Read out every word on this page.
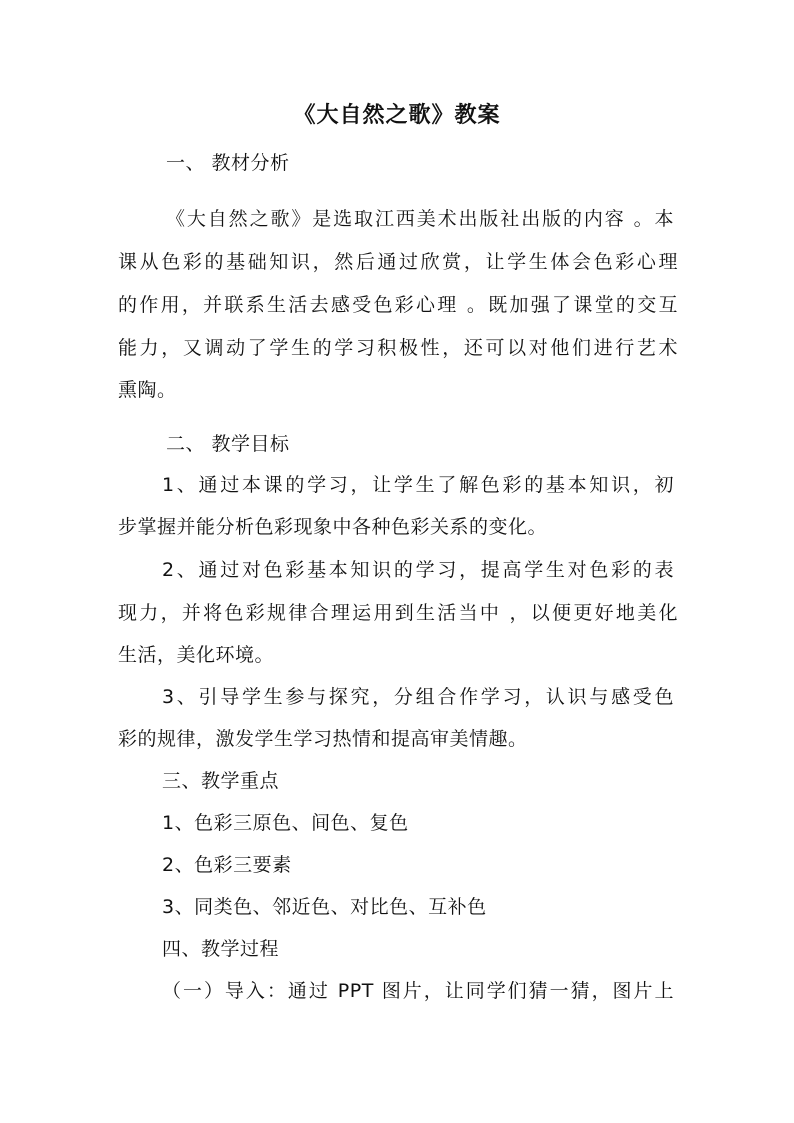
《大自然之歌》教案
一、 教材分析
《大自然之歌》是选取江西美术出版社出版的内容 。本
课从色彩的基础知识，然后通过欣赏，让学生体会色彩心理
的作用，并联系生活去感受色彩心理 。既加强了课堂的交互
能力，又调动了学生的学习积极性，还可以对他们进行艺术
熏陶。
二、 教学目标
1、通过本课的学习，让学生了解色彩的基本知识，初
步掌握并能分析色彩现象中各种色彩关系的变化。
2、通过对色彩基本知识的学习，提高学生对色彩的表
现力，并将色彩规律合理运用到生活当中 ，以便更好地美化
生活，美化环境。
3、引导学生参与探究，分组合作学习，认识与感受色
彩的规律，激发学生学习热情和提高审美情趣。
三、教学重点
1、色彩三原色、间色、复色
2、色彩三要素
3、同类色、邻近色、对比色、互补色
四、教学过程
（一）导入：通过 PPT 图片，让同学们猜一猜，图片上
